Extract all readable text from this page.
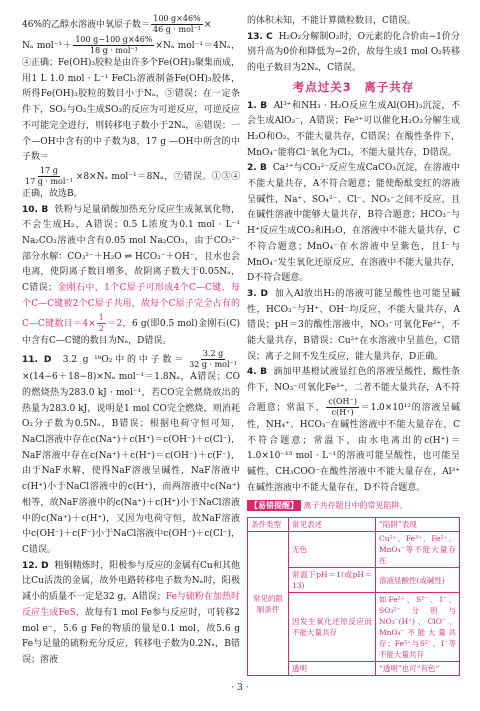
46%的乙醇水溶液中氧原子数＝ $\frac{100 g\times 46\%}{\text{46 g · mol⁻¹}}$ ×
Nₐ $mol^{-1}+ \frac{100 g-100 g\times 46\%}{\text{18 g · mol⁻¹}} \times N_a$ mol⁻¹＝4Nₐ，④正确；Fe(OH)₃胶粒是由许多个Fe(OH)₃聚集而成，用1 L 1.0 mol · L⁻¹ FeCl₃溶液制备Fe(OH)₃胶体，所得Fe(OH)₃胶粒的数目小于Nₐ，⑤错误；在一定条件下，SO₂与O₂生成SO₃的反应为可逆反应，可逆反应不可能完全进行，则转移电子数小于2Nₐ，⑥错误；一个—OH中含有的中子数为8，17 g —OH中所含的中子数＝

$\frac{17 g}{\text{17 g · mol⁻¹}} \times 8\times N_a$ mol⁻¹＝8Nₐ，⑦错误。①③④正确，故选B。

10. B 铁粉与足量硝酸加热充分反应生成氮氧化物，不会生成H₂，A错误；0.5 L浓度为0.1 mol · L⁻¹ Na₂CO₃溶液中含有0.05 mol Na₂CO₃，由于CO₃²⁻部分水解：CO₃²⁻＋H₂O ⇌ HCO₃⁻＋OH⁻，且水也会电离，使阴离子数目增多，故阴离子数大于0.05Nₐ，C错误；金刚石中，1个C原子可形成4个C—C键，每个C—C键被2个C原子共用，故每个C原子完全占有的C—C键数目$=4\times \frac{1}{2} =2$，6 g(即0.5 mol)金刚石(C)中含有C—C键的数目为Nₐ，D错误。

11. D 3.2 g ¹⁸O₂中的中子数＝ $\frac{3.2 g}{\text{32 g · mol⁻¹}}$
×(14−6＋18−8)×Nₐ mol⁻¹＝1.8Nₐ，A错误；CO的燃烧热为283.0 kJ · mol⁻¹，若CO完全燃烧放出的热量为283.0 kJ，说明是1 mol CO完全燃烧，则消耗O₂分子数为0.5Nₐ，B错误；根据电荷守恒可知，NaCl溶液中存在c(Na⁺)＋c(H⁺)＝c(OH⁻)＋c(Cl⁻)，NaF溶液中存在c(Na⁺)＋c(H⁺)＝c(OH⁻)＋c(F⁻)，由于NaF水解，使得NaF溶液呈碱性，NaF溶液中c(H⁺)小于NaCl溶液中的c(H⁺)，而两溶液中c(Na⁺)相等，故NaF溶液中的c(Na⁺)＋c(H⁺)小于NaCl溶液中的c(Na⁺)＋c(H⁺)，又因为电荷守恒，故NaF溶液中c(OH⁻)＋c(F⁻)小于NaCl溶液中c(OH⁻)＋c(Cl⁻)，C错误。

12. D 粗铜精炼时，阳极参与反应的金属有Cu和其他比Cu活泼的金属，故外电路转移电子数为Nₐ时，阳极减小的质量不一定是32 g，A错误；Fe与硫粉在加热时反应生成FeS，故每有1 mol Fe参与反应时，可转移2 mol e⁻，5.6 g Fe的物质的量是0.1 mol，故5.6 g Fe与足量的硫粉充分反应，转移电子数为0.2Nₐ，B错误；溶液

的体积未知，不能计算微粒数目，C错误。

13. C H₂O₂分解制O₂时，O元素的化合价由−1价分别升高为0价和降低为−2价，故每生成1 mol O₂转移的电子数目为2Nₐ，C错误。

考点过关3　离子共存

1. B Al³⁺和NH₃ · H₂O反应生成Al(OH)₃沉淀，不会生成AlO₂⁻，A错误；Fe³⁺可以催化H₂O₂分解生成H₂O和O₂，不能大量共存，C错误；在酸性条件下，MnO₄⁻能将Cl⁻氧化为Cl₂，不能大量共存，D错误。

2. B Ca²⁺与CO₃²⁻反应生成CaCO₃沉淀，在溶液中不能大量共存，A不符合题意；能使酚酞变红的溶液呈碱性，Na⁺、SO₄²⁻、Cl⁻、NO₃⁻之间不反应，且在碱性溶液中能够大量共存，B符合题意；HCO₃⁻与H⁺反应生成CO₂和H₂O，在溶液中不能大量共存，C不符合题意；MnO₄⁻在水溶液中呈紫色，且I⁻与MnO₄⁻发生氧化还原反应，在溶液中不能大量共存，D不符合题意。

3. D 加入Al放出H₂的溶液可能呈酸性也可能呈碱性，HCO₃⁻与H⁺、OH⁻均反应，不能大量共存，A错误；pH＝3的酸性溶液中，NO₃⁻可氧化Fe²⁺，不能大量共存，B错误；Cu²⁺在水溶液中呈蓝色，C错误；离子之间不发生反应，能大量共存，D正确。

4. B 滴加甲基橙试液显红色的溶液呈酸性，酸性条件下，NO₃⁻可氧化Fe²⁺，二者不能大量共存，A不符合题意；常温下， $\frac{c(OH^-)}{c(H^+)} =1.0\times 10^{12}$的溶液呈碱性，NH₄⁺、HCO₃⁻在碱性溶液中不能大量存在，C不符合题意；常温下，由水电离出的c(H⁺)＝1.0×10⁻¹³ mol · L⁻¹的溶液可能呈酸性，也可能呈碱性，CH₃COO⁻在酸性溶液中不能大量存在，Al³⁺在碱性溶液中不能大量存在，D不符合题意。

【易错提醒】 离子共存题目中的常见陷阱。
条件类型	常见表述	“陷阱”表现
常见的限制条件	无色	Cu²⁺、Fe³⁺、Fe²⁺、MnO₄⁻等不能大量存在
	常温下pH＝1(或pH＝13)	溶液显酸性(或碱性)
	因发生氧化还原反应而不能大量共存	如Fe²⁺、S²⁻、I⁻、SO₃²⁻分别与NO₃⁻(H⁺)、ClO⁻、MnO₄⁻不能大量共存；Fe³⁺与S²⁻、I⁻等不能大量共存
	透明	“透明”也可“有色”
· 3 ·
